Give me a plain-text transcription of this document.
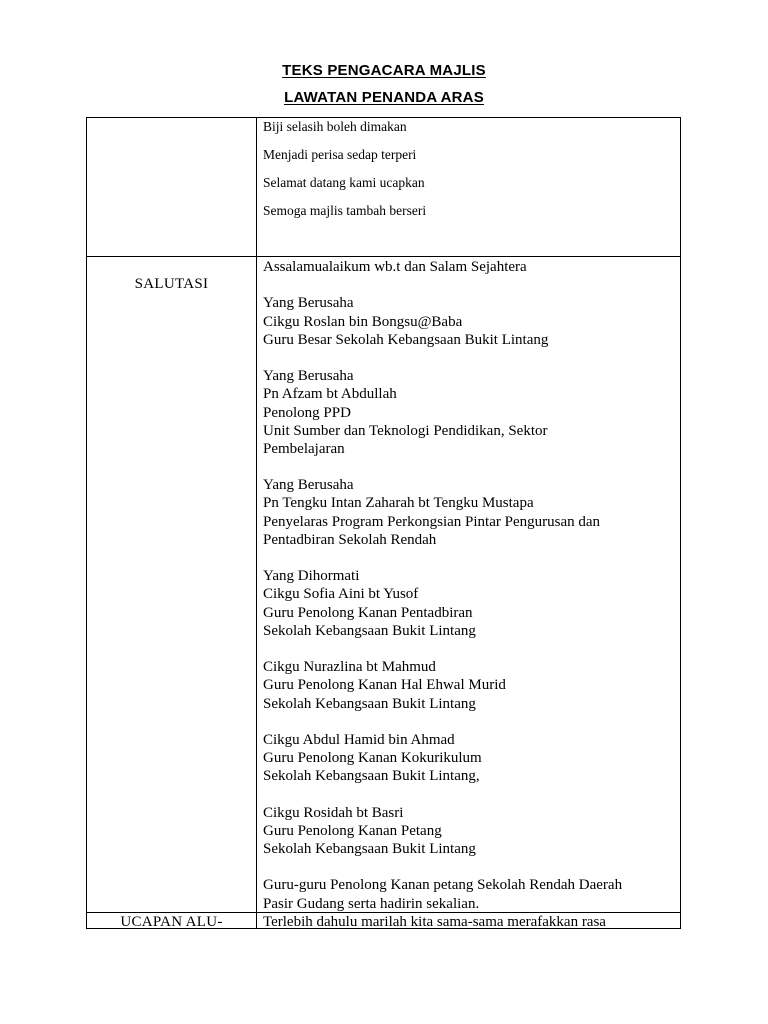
TEKS PENGACARA MAJLIS
LAWATAN PENANDA ARAS
Biji selasih boleh dimakan
Menjadi perisa sedap terperi
Selamat datang kami ucapkan
Semoga majlis tambah berseri
SALUTASI
Assalamualaikum wb.t dan Salam Sejahtera
Yang Berusaha
Cikgu Roslan bin Bongsu@Baba
Guru Besar Sekolah Kebangsaan Bukit Lintang
Yang Berusaha
Pn Afzam bt Abdullah
Penolong PPD
Unit Sumber dan Teknologi Pendidikan, Sektor
Pembelajaran
Yang Berusaha
Pn Tengku Intan Zaharah bt Tengku Mustapa
Penyelaras Program Perkongsian Pintar Pengurusan dan
Pentadbiran Sekolah Rendah
Yang Dihormati
Cikgu Sofia Aini bt Yusof
Guru Penolong Kanan Pentadbiran
Sekolah Kebangsaan Bukit Lintang
Cikgu Nurazlina bt Mahmud
Guru Penolong Kanan Hal Ehwal Murid
Sekolah Kebangsaan Bukit Lintang
Cikgu Abdul Hamid bin Ahmad
Guru Penolong Kanan Kokurikulum
Sekolah Kebangsaan Bukit Lintang,
Cikgu Rosidah bt Basri
Guru Penolong Kanan Petang
Sekolah Kebangsaan Bukit Lintang
Guru-guru Penolong Kanan petang Sekolah Rendah Daerah
Pasir Gudang serta hadirin sekalian.
UCAPAN ALU-	Terlebih dahulu marilah kita sama-sama merafakkan rasa
